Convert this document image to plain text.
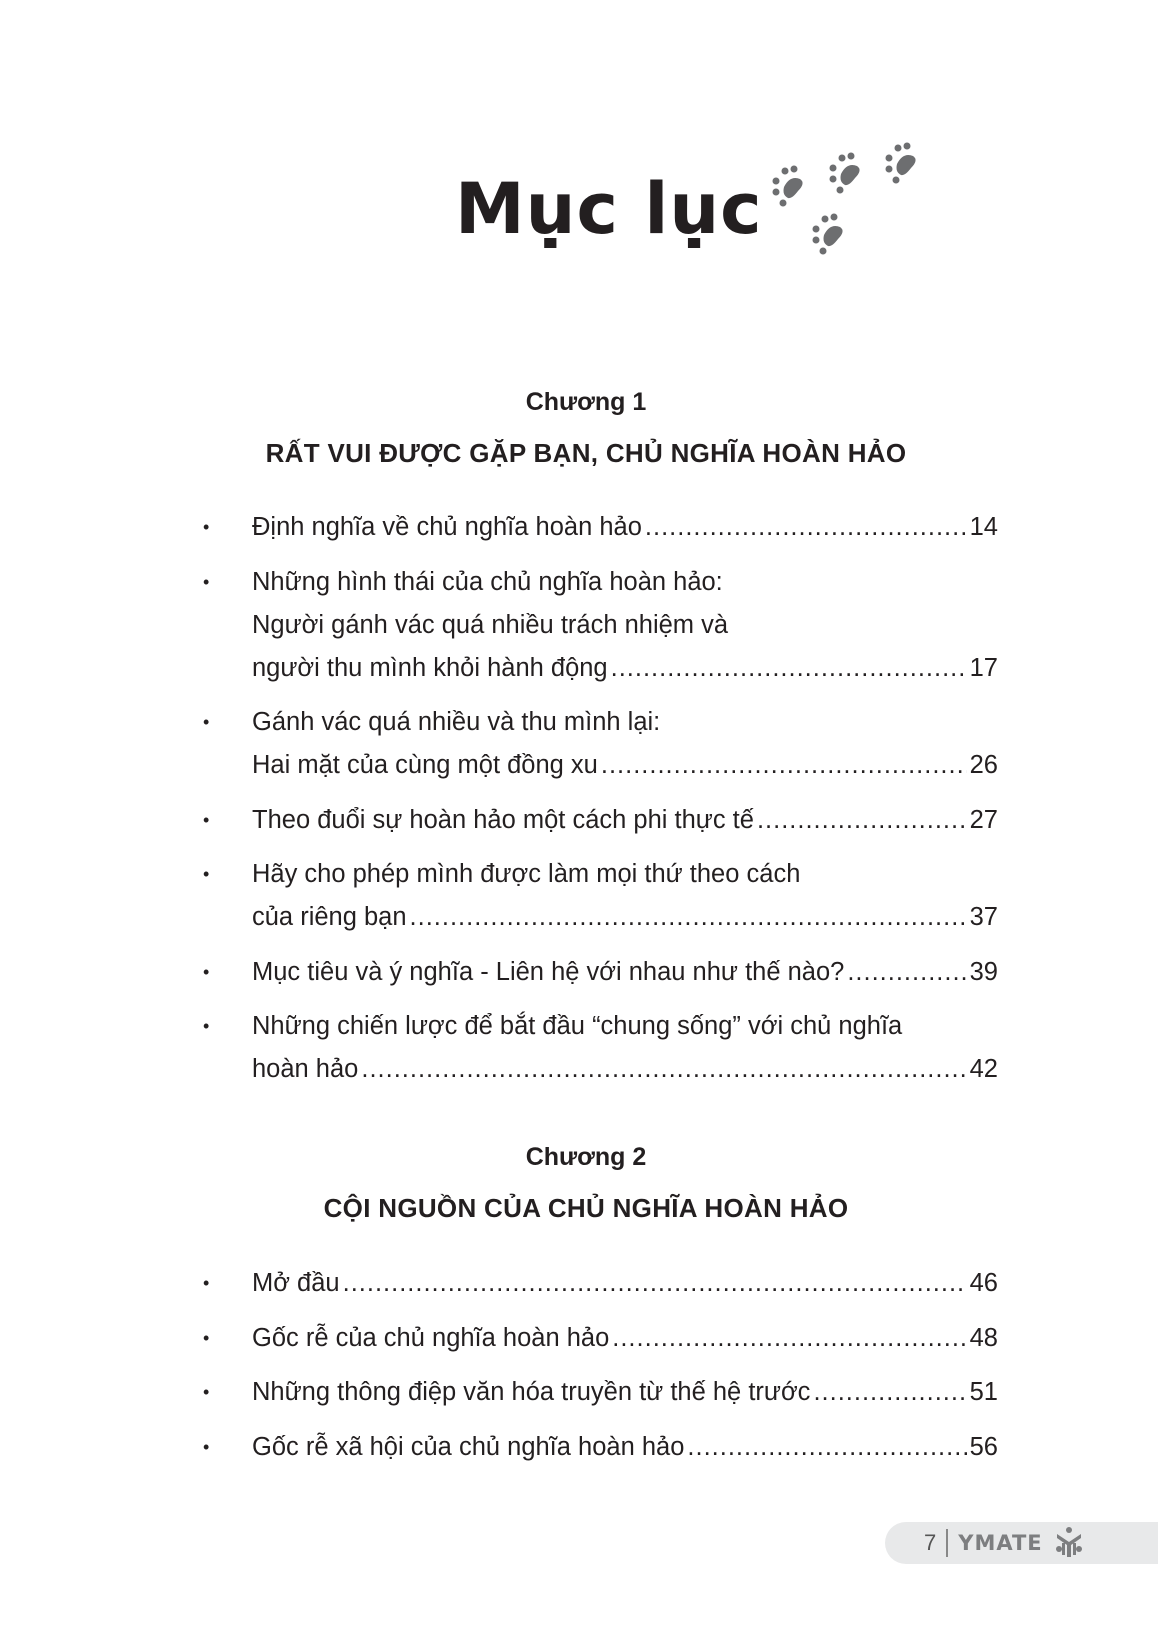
Mục lục
Chương 1
RẤT VUI ĐƯỢC GẶP BẠN, CHỦ NGHĨA HOÀN HẢO
• Định nghĩa về chủ nghĩa hoàn hảo .....	14
• Những hình thái của chủ nghĩa hoàn hảo:
Người gánh vác quá nhiều trách nhiệm và
người thu mình khỏi hành động .....	17
• Gánh vác quá nhiều và thu mình lại:
Hai mặt của cùng một đồng xu .....	26
• Theo đuổi sự hoàn hảo một cách phi thực tế .....	27
• Hãy cho phép mình được làm mọi thứ theo cách
của riêng bạn .....	37
• Mục tiêu và ý nghĩa - Liên hệ với nhau như thế nào? .....	39
• Những chiến lược để bắt đầu “chung sống” với chủ nghĩa
hoàn hảo .....	42
Chương 2
CỘI NGUỒN CỦA CHỦ NGHĨA HOÀN HẢO
• Mở đầu .....	46
• Gốc rễ của chủ nghĩa hoàn hảo .....	48
• Những thông điệp văn hóa truyền từ thế hệ trước .....	51
• Gốc rễ xã hội của chủ nghĩa hoàn hảo .....	56
7 YMATE
